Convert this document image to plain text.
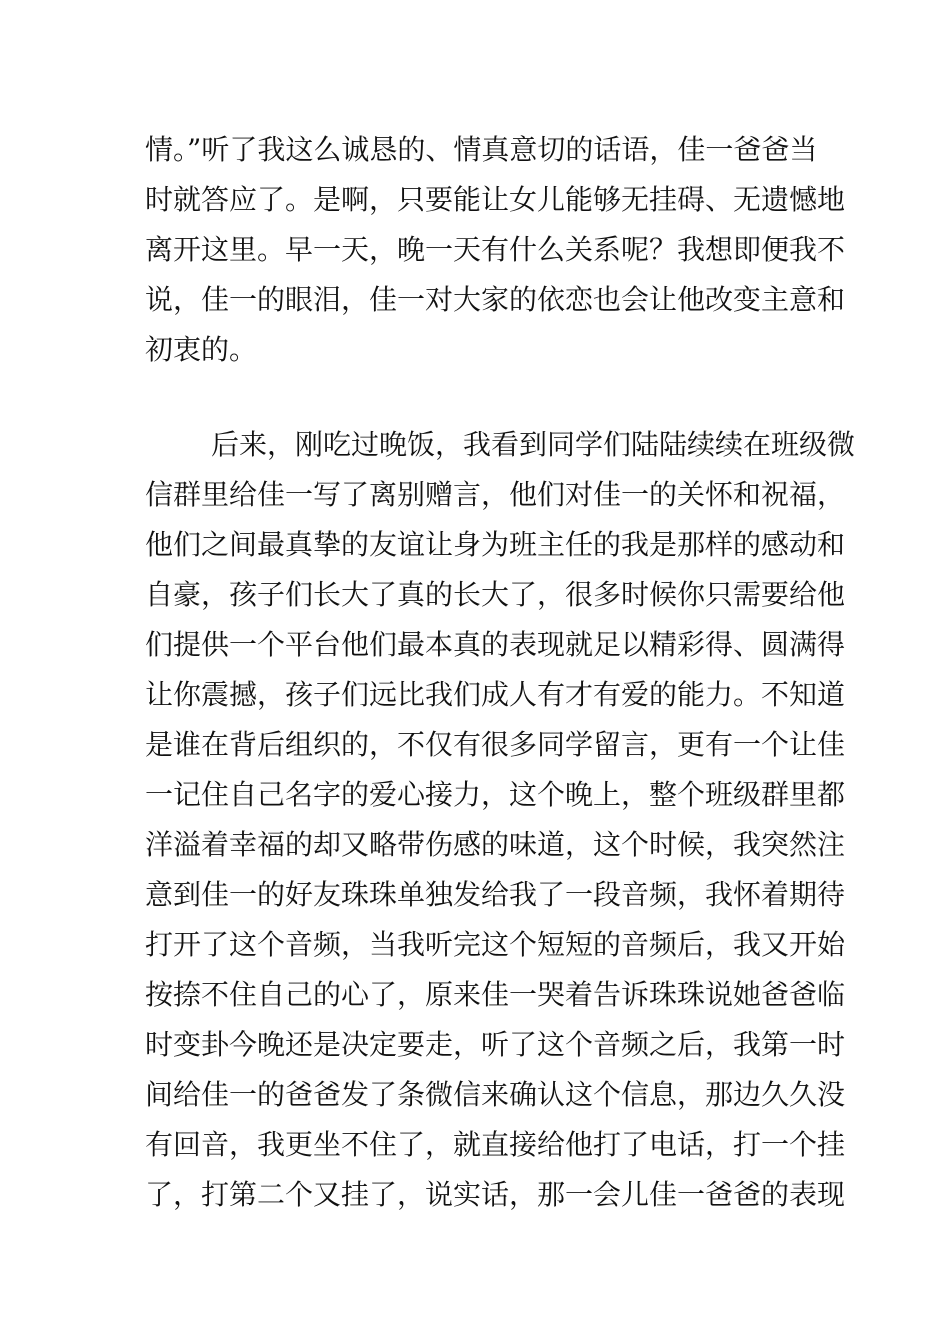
情。”听了我这么诚恳的、情真意切的话语，佳一爸爸当
时就答应了。是啊，只要能让女儿能够无挂碍、无遗憾地
离开这里。早一天，晚一天有什么关系呢？我想即便我不
说，佳一的眼泪，佳一对大家的依恋也会让他改变主意和
初衷的。
后来，刚吃过晚饭，我看到同学们陆陆续续在班级微
信群里给佳一写了离别赠言，他们对佳一的关怀和祝福，
他们之间最真挚的友谊让身为班主任的我是那样的感动和
自豪，孩子们长大了真的长大了，很多时候你只需要给他
们提供一个平台他们最本真的表现就足以精彩得、圆满得
让你震撼，孩子们远比我们成人有才有爱的能力。不知道
是谁在背后组织的，不仅有很多同学留言，更有一个让佳
一记住自己名字的爱心接力，这个晚上，整个班级群里都
洋溢着幸福的却又略带伤感的味道，这个时候，我突然注
意到佳一的好友珠珠单独发给我了一段音频，我怀着期待
打开了这个音频，当我听完这个短短的音频后，我又开始
按捺不住自己的心了，原来佳一哭着告诉珠珠说她爸爸临
时变卦今晚还是决定要走，听了这个音频之后，我第一时
间给佳一的爸爸发了条微信来确认这个信息，那边久久没
有回音，我更坐不住了，就直接给他打了电话，打一个挂
了，打第二个又挂了，说实话，那一会儿佳一爸爸的表现
